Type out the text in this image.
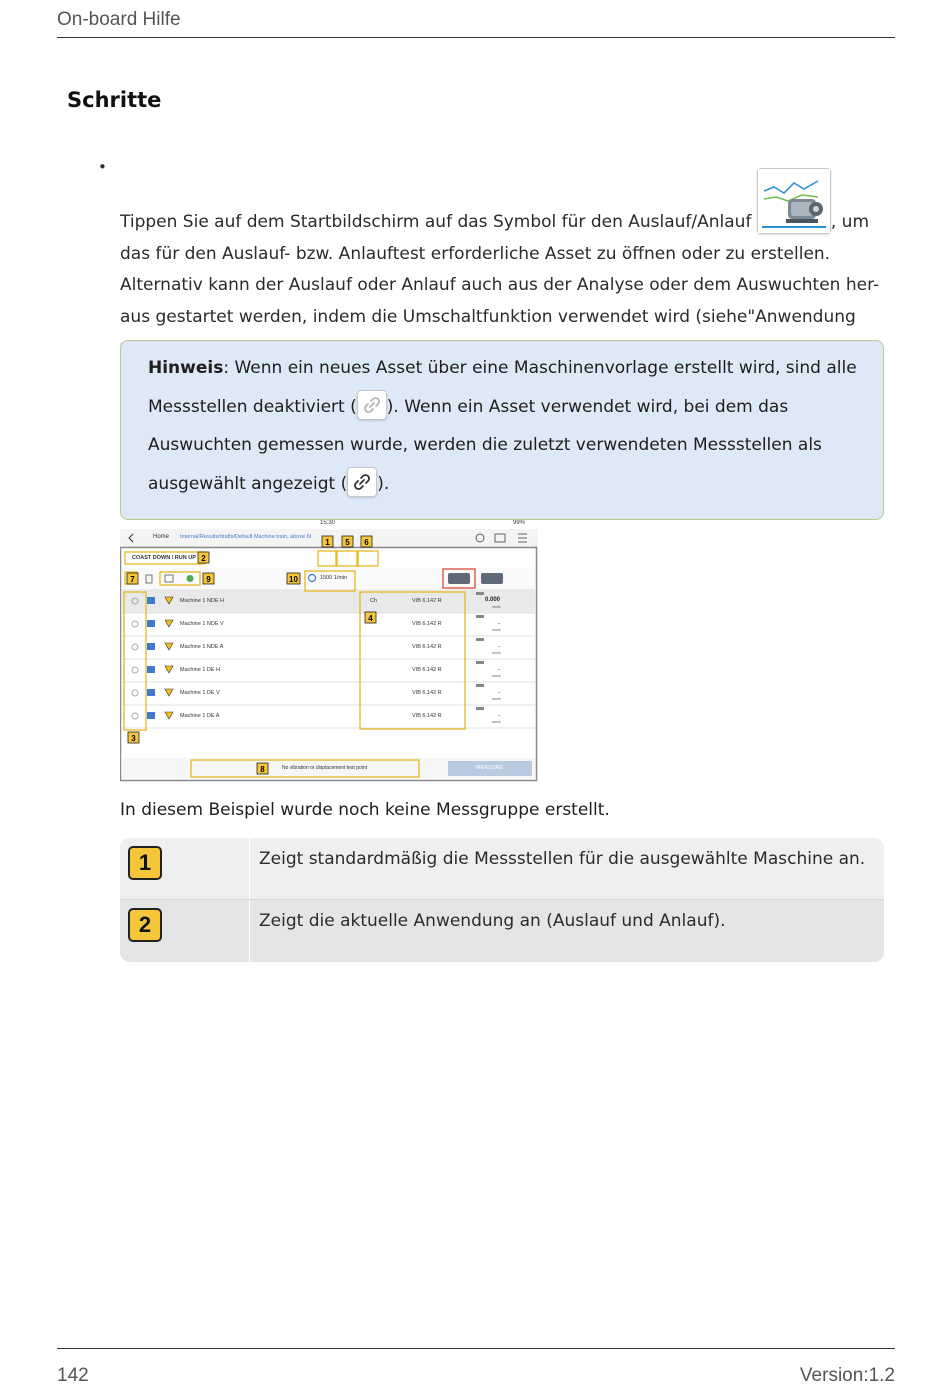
On-board Hilfe
Schritte
•
Tippen Sie auf dem Startbildschirm auf das Symbol für den Auslauf/Anlauf	, um das für den Auslauf- bzw. Anlauftest erforderliche Asset zu öffnen oder zu erstellen. Alternativ kann der Auslauf oder Anlauf auch aus der Analyse oder dem Auswuchten her- aus gestartet werden, indem die Umschaltfunktion verwendet wird (siehe"Anwendung
Hinweis: Wenn ein neues Asset über eine Maschinenvorlage erstellt wird, sind alle Messstellen deaktiviert ( ). Wenn ein Asset verwendet wird, bei dem das Auswuchten gemessen wurde, werden die zuletzt verwendeten Messstellen als ausgewählt angezeigt ( ).
1
2
3
4
5 6
7
8
9	10
15:30	99%
Home Internal/Results/drafts/Default Machine train, above 6t
COAST DOWN / RUN UP
1500 1/min
Machine 1 NDE H	Ch	VIB 6.142 R	0.000
mm/s
Machine 1 NDE V	VIB 6.142 R	-
mm/s
Machine 1 NDE A	VIB 6.142 R	-
mm/s
Machine 1 DE H	VIB 6.142 R	-
mm/s
Machine 1 DE V	VIB 6.142 R	-
mm/s
Machine 1 DE A	VIB 6.142 R	-
mm/s
No vibration or displacement test point	MEASURE
In diesem Beispiel wurde noch keine Messgruppe erstellt.
1	Zeigt standardmäßig die Messstellen für die ausgewählte Maschine an.
2	Zeigt die aktuelle Anwendung an (Auslauf und Anlauf).
142	Version:1.2
